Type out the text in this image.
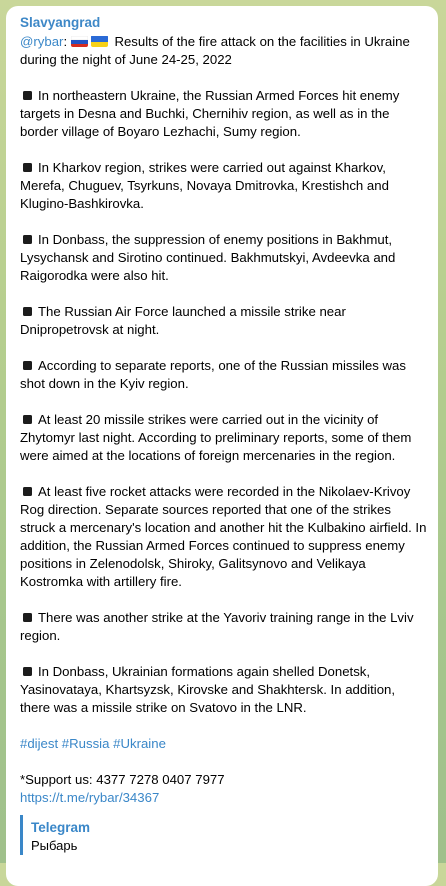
Slavyangrad
@rybar:	Results of the fire attack on the facilities in Ukraine during the night of June 24-25, 2022
In northeastern Ukraine, the Russian Armed Forces hit enemy targets in Desna and Buchki, Chernihiv region, as well as in the border village of Boyaro Lezhachi, Sumy region.
In Kharkov region, strikes were carried out against Kharkov, Merefa, Chuguev, Tsyrkuns, Novaya Dmitrovka, Krestishch and Klugino-Bashkirovka.
In Donbass, the suppression of enemy positions in Bakhmut, Lysychansk and Sirotino continued. Bakhmutskyi, Avdeevka and Raigorodka were also hit.
The Russian Air Force launched a missile strike near Dnipropetrovsk at night.
According to separate reports, one of the Russian missiles was shot down in the Kyiv region.
At least 20 missile strikes were carried out in the vicinity of Zhytomyr last night. According to preliminary reports, some of them were aimed at the locations of foreign mercenaries in the region.
At least five rocket attacks were recorded in the Nikolaev-Krivoy Rog direction. Separate sources reported that one of the strikes struck a mercenary's location and another hit the Kulbakino airfield. In addition, the Russian Armed Forces continued to suppress enemy positions in Zelenodolsk, Shiroky, Galitsynovo and Velikaya Kostromka with artillery fire.
There was another strike at the Yavoriv training range in the Lviv region.
In Donbass, Ukrainian formations again shelled Donetsk, Yasinovataya, Khartsyzsk, Kirovske and Shakhtersk. In addition, there was a missile strike on Svatovo in the LNR.
#dijest #Russia #Ukraine
*Support us: 4377 7278 0407 7977
https://t.me/rybar/34367
Telegram
Рыбарь
